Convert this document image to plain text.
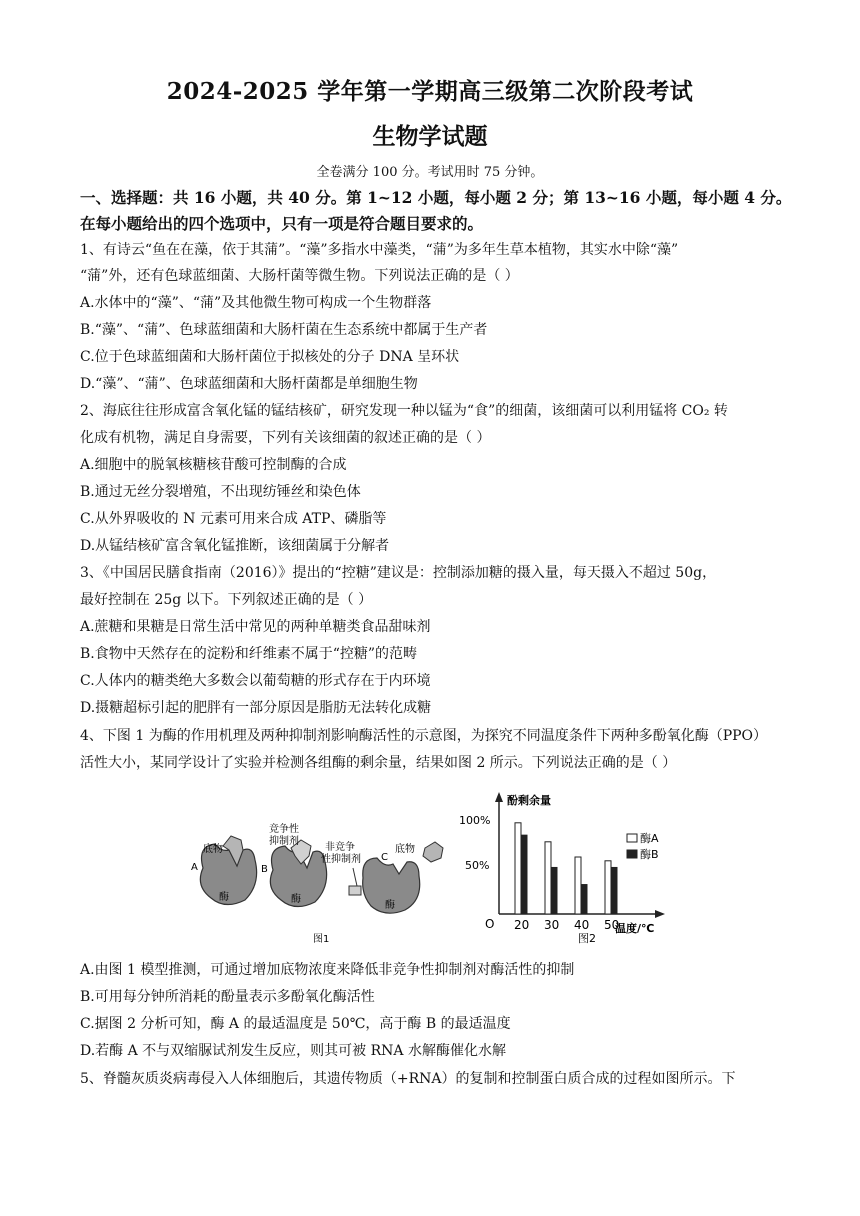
2024-2025 学年第一学期高三级第二次阶段考试
生物学试题
全卷满分 100 分。考试用时 75 分钟。
一、选择题：共 16 小题，共 40 分。第 1~12 小题，每小题 2 分；第 13~16 小题，每小题 4 分。
在每小题给出的四个选项中，只有一项是符合题目要求的。
1、有诗云“鱼在在藻，依于其蒲”。“藻”多指水中藻类，“蒲”为多年生草本植物，其实水中除“藻”
“蒲”外，还有色球蓝细菌、大肠杆菌等微生物。下列说法正确的是（ ）
A.水体中的“藻”、“蒲”及其他微生物可构成一个生物群落
B.“藻”、“蒲”、色球蓝细菌和大肠杆菌在生态系统中都属于生产者
C.位于色球蓝细菌和大肠杆菌位于拟核处的分子 DNA 呈环状
D.“藻”、“蒲”、色球蓝细菌和大肠杆菌都是单细胞生物
2、海底往往形成富含氧化锰的锰结核矿，研究发现一种以锰为“食”的细菌，该细菌可以利用锰将 CO₂ 转
化成有机物，满足自身需要，下列有关该细菌的叙述正确的是（ ）
A.细胞中的脱氧核糖核苷酸可控制酶的合成
B.通过无丝分裂增殖，不出现纺锤丝和染色体
C.从外界吸收的 N 元素可用来合成 ATP、磷脂等
D.从锰结核矿富含氧化锰推断，该细菌属于分解者
3、《中国居民膳食指南（2016）》提出的“控糖”建议是：控制添加糖的摄入量，每天摄入不超过 50g，
最好控制在 25g 以下。下列叙述正确的是（ ）
A.蔗糖和果糖是日常生活中常见的两种单糖类食品甜味剂
B.食物中天然存在的淀粉和纤维素不属于“控糖”的范畴
C.人体内的糖类绝大多数会以葡萄糖的形式存在于内环境
D.摄糖超标引起的肥胖有一部分原因是脂肪无法转化成糖
4、下图 1 为酶的作用机理及两种抑制剂影响酶活性的示意图，为探究不同温度条件下两种多酚氧化酶（PPO）
活性大小，某同学设计了实验并检测各组酶的剩余量，结果如图 2 所示。下列说法正确的是（ ）
A
底物
酶
B
竞争性
抑制剂
酶
非竞争
性抑制剂 C
底物
酶
图1
酚剩余量
温度/℃
O
100%
50%
图2
酶A
酶B
20 30 40 50
A.由图 1 模型推测，可通过增加底物浓度来降低非竞争性抑制剂对酶活性的抑制
B.可用每分钟所消耗的酚量表示多酚氧化酶活性
C.据图 2 分析可知，酶 A 的最适温度是 50℃，高于酶 B 的最适温度
D.若酶 A 不与双缩脲试剂发生反应，则其可被 RNA 水解酶催化水解
5、脊髓灰质炎病毒侵入人体细胞后，其遗传物质（+RNA）的复制和控制蛋白质合成的过程如图所示。下
